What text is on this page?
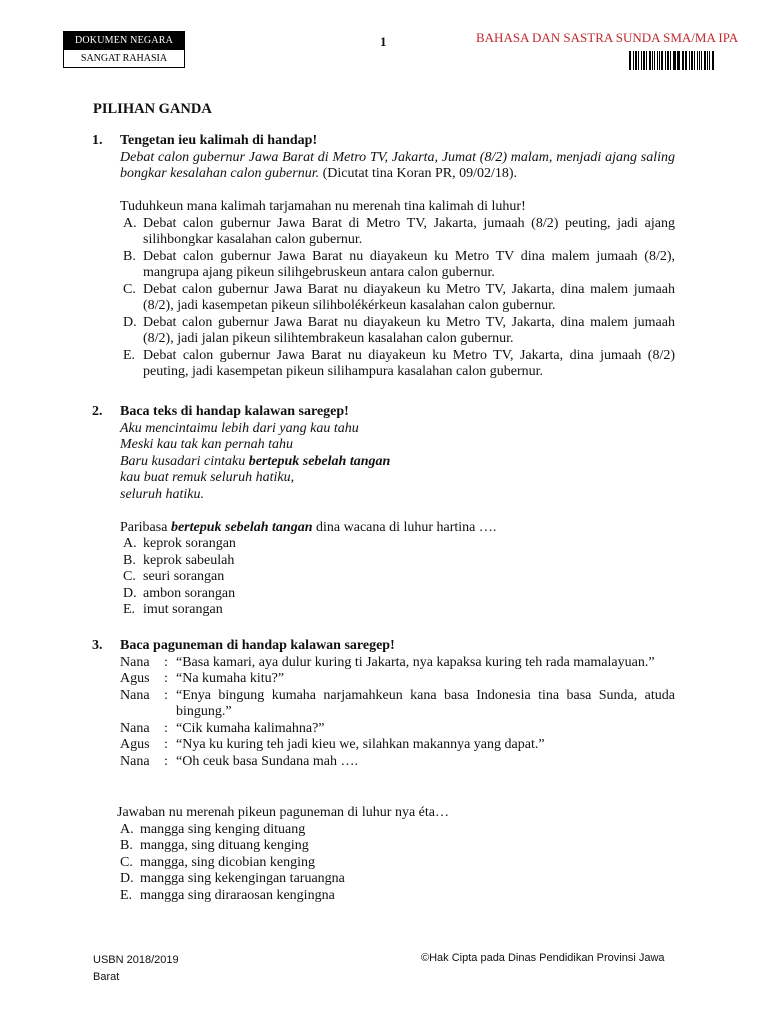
DOKUMEN NEGARA
SANGAT RAHASIA
1	BAHASA DAN SASTRA SUNDA SMA/MA IPA
PILIHAN GANDA
1. Tengetan ieu kalimah di handap!
Debat calon gubernur Jawa Barat di Metro TV, Jakarta, Jumat (8/2) malam, menjadi ajang saling bongkar kesalahan calon gubernur. (Dicutat tina Koran PR, 09/02/18).
Tuduhkeun mana kalimah tarjamahan nu merenah tina kalimah di luhur!
A. Debat calon gubernur Jawa Barat di Metro TV, Jakarta, jumaah (8/2) peuting, jadi ajang silihbongkar kasalahan calon gubernur.
B. Debat calon gubernur Jawa Barat nu diayakeun ku Metro TV dina malem jumaah (8/2), mangrupa ajang pikeun silihgebruskeun antara calon gubernur.
C. Debat calon gubernur Jawa Barat nu diayakeun ku Metro TV, Jakarta, dina malem jumaah (8/2), jadi kasempetan pikeun silihbolékérkeun kasalahan calon gubernur.
D. Debat calon gubernur Jawa Barat nu diayakeun ku Metro TV, Jakarta, dina malem jumaah (8/2), jadi jalan pikeun silihtembrakeun kasalahan calon gubernur.
E. Debat calon gubernur Jawa Barat nu diayakeun ku Metro TV, Jakarta, dina jumaah (8/2) peuting, jadi kasempetan pikeun silihampura kasalahan calon gubernur.
2. Baca teks di handap kalawan saregep!
Aku mencintaimu lebih dari yang kau tahu
Meski kau tak kan pernah tahu
Baru kusadari cintaku bertepuk sebelah tangan
kau buat remuk seluruh hatiku,
seluruh hatiku.
Paribasa bertepuk sebelah tangan dina wacana di luhur hartina ….
A. keprok sorangan
B. keprok sabeulah
C. seuri sorangan
D. ambon sorangan
E. imut sorangan
3. Baca paguneman di handap kalawan saregep!
Nana	: “Basa kamari, aya dulur kuring ti Jakarta, nya kapaksa kuring teh rada mamalayuan.”
Agus	: “Na kumaha kitu?”
Nana	: “Enya bingung kumaha narjamahkeun kana basa Indonesia tina basa Sunda, atuda bingung.”
Nana	: “Cik kumaha kalimahna?”
Agus	: “Nya ku kuring teh jadi kieu we, silahkan makannya yang dapat.”
Nana	: “Oh ceuk basa Sundana mah ….
Jawaban nu merenah pikeun paguneman di luhur nya éta…
A. mangga sing kenging dituang
B. mangga, sing dituang kenging
C. mangga, sing dicobian kenging
D. mangga sing kekengingan taruangna
E. mangga sing diraraosan kengingna
USBN 2018/2019
Barat
©Hak Cipta pada Dinas Pendidikan Provinsi Jawa
